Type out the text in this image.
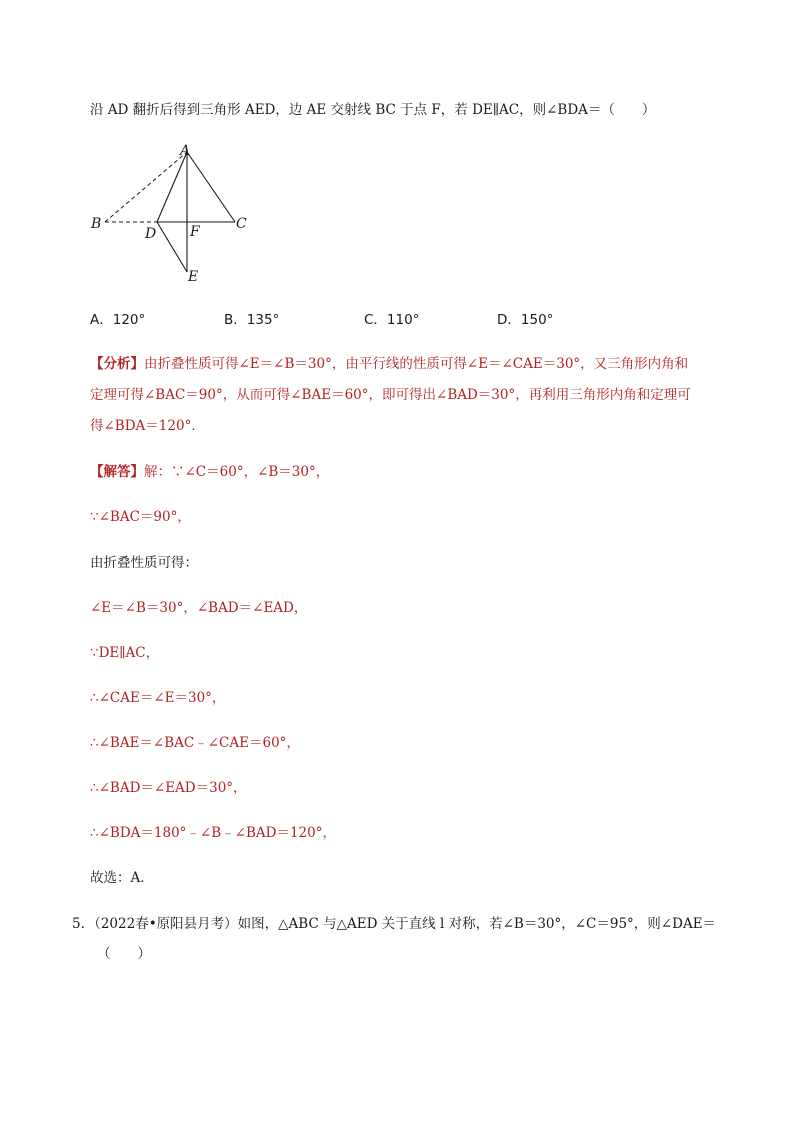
沿 AD 翻折后得到三角形 AED，边 AE 交射线 BC 于点 F，若 DE∥AC，则∠BDA＝（　　）
A
B	C
D F
E
A．120°	B．135°	C．110°	D．150°
【分析】由折叠性质可得∠E＝∠B＝30°，由平行线的性质可得∠E＝∠CAE＝30°，又三角形内角和
定理可得∠BAC＝90°，从而可得∠BAE＝60°，即可得出∠BAD＝30°，再利用三角形内角和定理可
得∠BDA＝120°．
【解答】解：∵∠C＝60°，∠B＝30°，
∵∠BAC＝90°，
由折叠性质可得：
∠E＝∠B＝30°，∠BAD＝∠EAD，
∵DE∥AC，
∴∠CAE＝∠E＝30°，
∴∠BAE＝∠BAC﹣∠CAE＝60°，
∴∠BAD＝∠EAD＝30°，
∴∠BDA＝180°﹣∠B﹣∠BAD＝120°，
故选：A．
5．（2022春•原阳县月考）如图，△ABC 与△AED 关于直线 l 对称，若∠B＝30°，∠C＝95°，则∠DAE＝
（　　）
